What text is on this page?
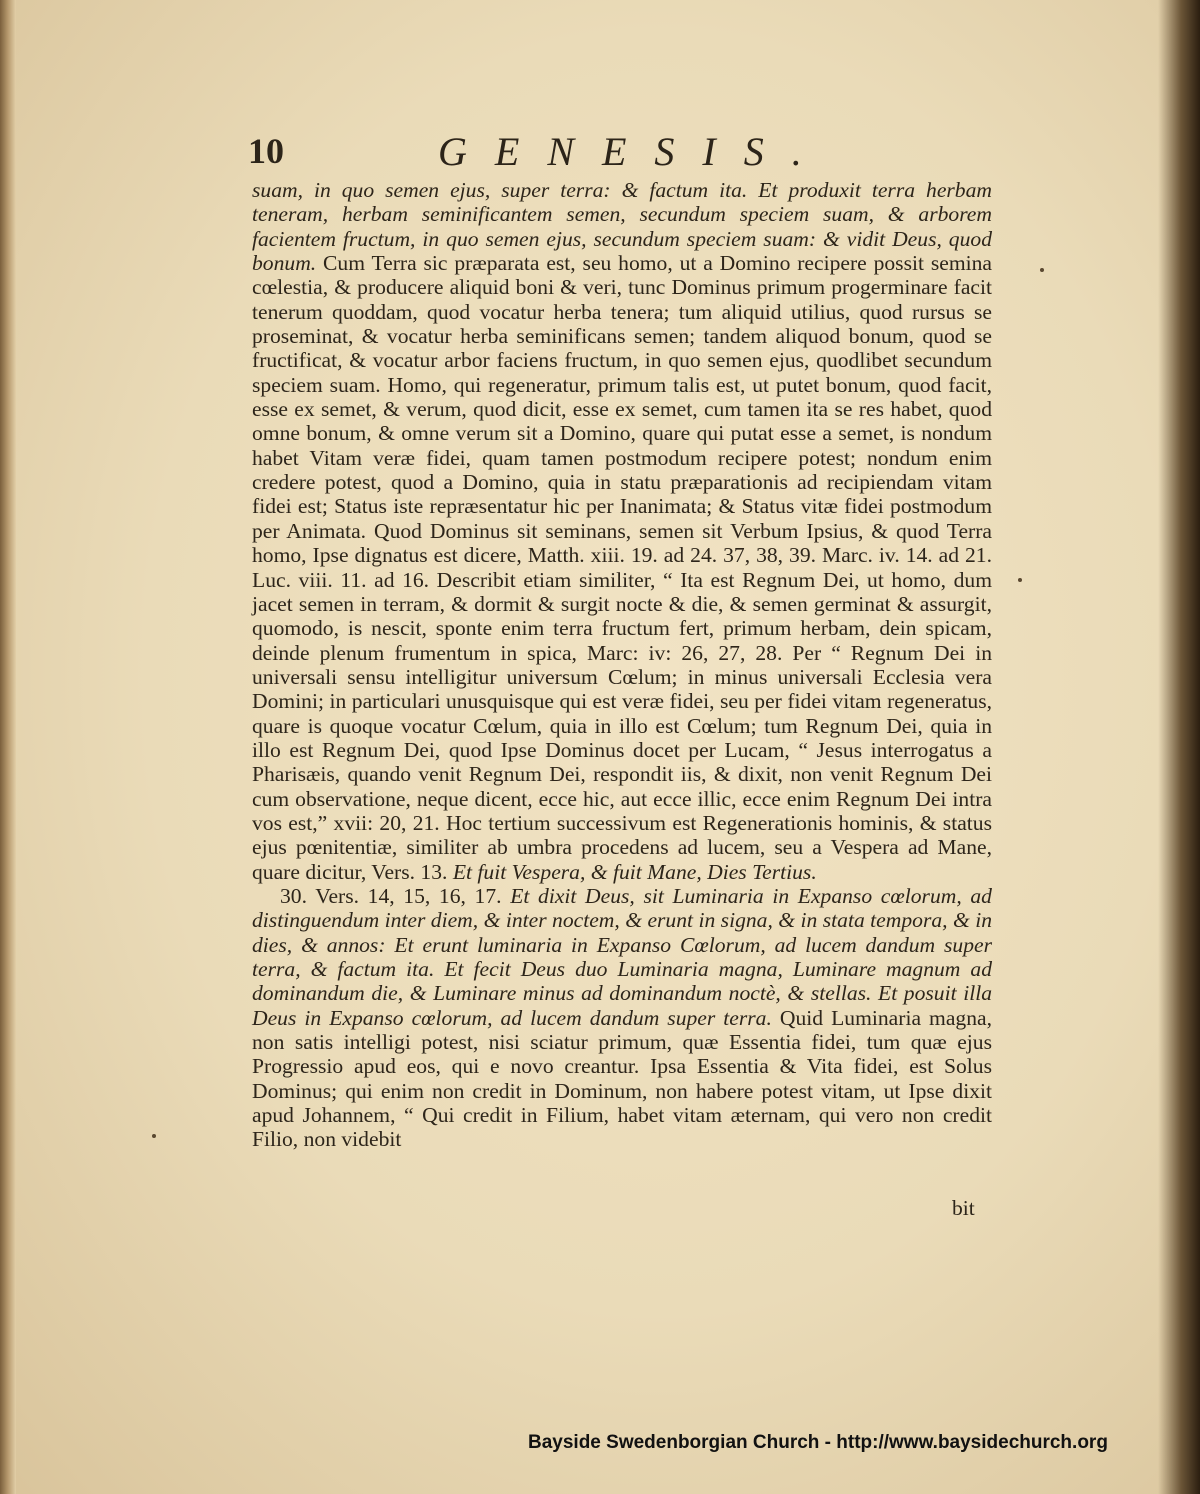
10	GENESIS.

suam, in quo semen ejus, super terra: & factum ita. Et produxit terra herbam teneram, herbam seminificantem semen, secundum speciem suam, & arborem facientem fructum, in quo semen ejus, secundum speciem suam: & vidit Deus, quod bonum. Cum Terra sic præparata est, seu homo, ut a Domino recipere possit semina cœlestia, & producere aliquid boni & veri, tunc Dominus primum progerminare facit tenerum quoddam, quod vocatur herba tenera; tum aliquid utilius, quod rursus se proseminat, & vocatur herba seminificans semen; tandem aliquod bonum, quod se fructificat, & vocatur arbor faciens fructum, in quo semen ejus, quodlibet secundum speciem suam. Homo, qui regeneratur, primum talis est, ut putet bonum, quod facit, esse ex semet, & verum, quod dicit, esse ex semet, cum tamen ita se res habet, quod omne bonum, & omne verum sit a Domino, quare qui putat esse a semet, is nondum habet Vitam veræ fidei, quam tamen postmodum recipere potest; nondum enim credere potest, quod a Domino, quia in statu præparationis ad recipiendam vitam fidei est; Status iste repræsentatur hic per Inanimata; & Status vitæ fidei postmodum per Animata. Quod Dominus sit seminans, semen sit Verbum Ipsius, & quod Terra homo, Ipse dignatus est dicere, Matth. xiii. 19. ad 24. 37, 38, 39. Marc. iv. 14. ad 21. Luc. viii. 11. ad 16. Describit etiam similiter, “ Ita est Regnum Dei, ut homo, dum jacet semen in terram, & dormit & surgit nocte & die, & semen germinat & assurgit, quomodo, is nescit, sponte enim terra fructum fert, primum herbam, dein spicam, deinde plenum frumentum in spica, Marc: iv: 26, 27, 28. Per “ Regnum Dei in universali sensu intelligitur universum Cœlum; in minus universali Ecclesia vera Domini; in particulari unusquisque qui est veræ fidei, seu per fidei vitam regeneratus, quare is quoque vocatur Cœlum, quia in illo est Cœlum; tum Regnum Dei, quia in illo est Regnum Dei, quod Ipse Dominus docet per Lucam, “ Jesus interrogatus a Pharisæis, quando venit Regnum Dei, respondit iis, & dixit, non venit Regnum Dei cum observatione, neque dicent, ecce hic, aut ecce illic, ecce enim Regnum Dei intra vos est,” xvii: 20, 21. Hoc tertium successivum est Regenerationis hominis, & status ejus pœnitentiæ, similiter ab umbra procedens ad lucem, seu a Vespera ad Mane, quare dicitur, Vers. 13. Et fuit Vespera, & fuit Mane, Dies Tertius.

30. Vers. 14, 15, 16, 17. Et dixit Deus, sit Luminaria in Expanso cœlorum, ad distinguendum inter diem, & inter noctem, & erunt in signa, & in stata tempora, & in dies, & annos: Et erunt luminaria in Expanso Cœlorum, ad lucem dandum super terra, & factum ita. Et fecit Deus duo Luminaria magna, Luminare magnum ad dominandum die, & Luminare minus ad dominandum noctè, & stellas. Et posuit illa Deus in Expanso cœlorum, ad lucem dandum super terra. Quid Luminaria magna, non satis intelligi potest, nisi sciatur primum, quæ Essentia fidei, tum quæ ejus Progressio apud eos, qui e novo creantur. Ipsa Essentia & Vita fidei, est Solus Dominus; qui enim non credit in Dominum, non habere potest vitam, ut Ipse dixit apud Johannem, “ Qui credit in Filium, habet vitam æternam, qui vero non credit Filio, non videbit

bit
Bayside Swedenborgian Church - http://www.baysidechurch.org
